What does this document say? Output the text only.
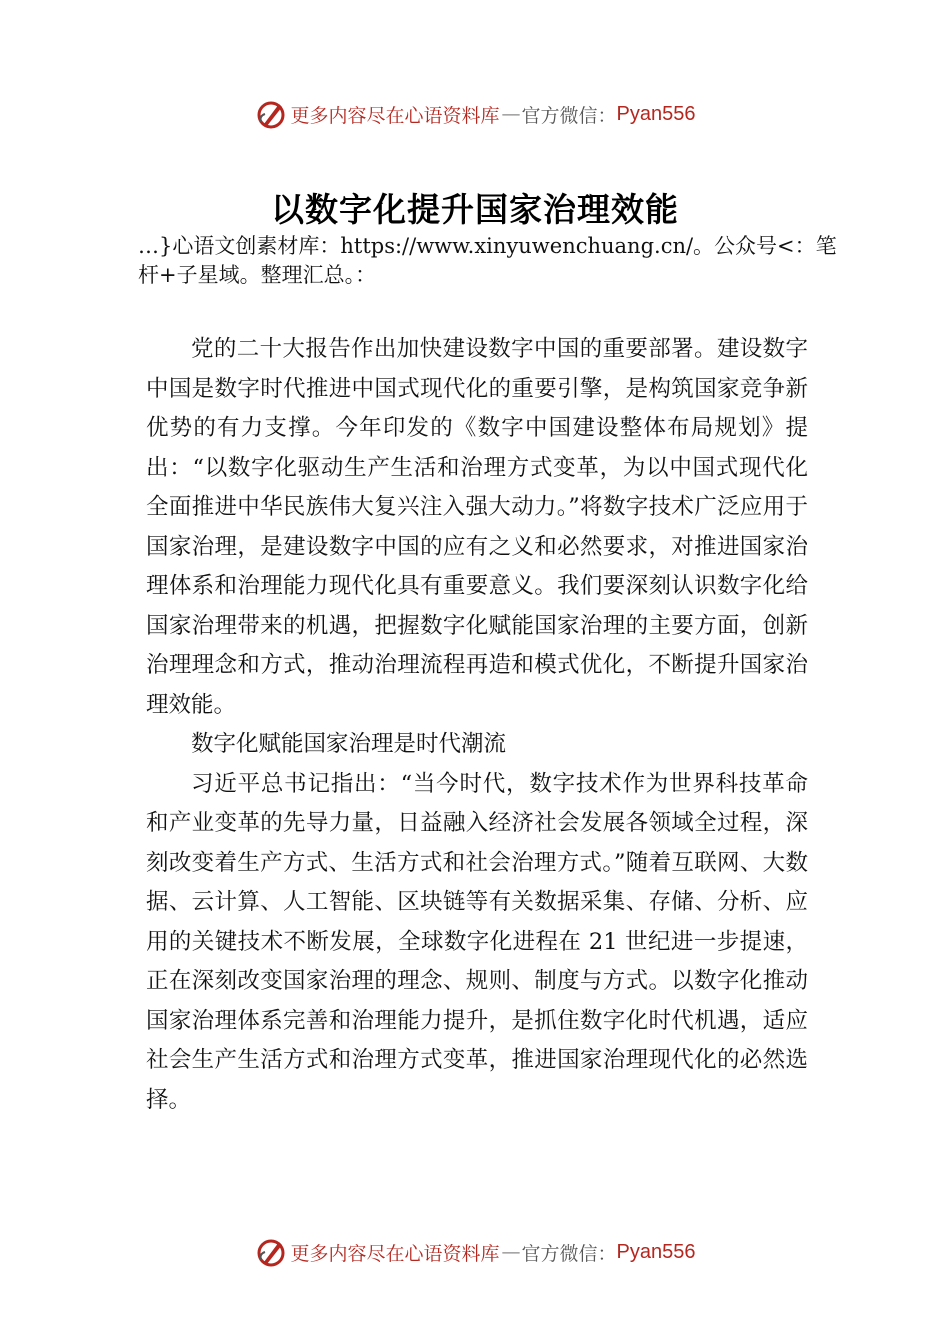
更多内容尽在心语资料库 — 官方微信： Pyan556
以数字化提升国家治理效能

…}心语文创素材库：https://www.xinyuwenchuang.cn/。公众号<：笔杆+子星域。整理汇总。：

党的二十大报告作出加快建设数字中国的重要部署。建设数字中国是数字时代推进中国式现代化的重要引擎，是构筑国家竞争新优势的有力支撑。今年印发的《数字中国建设整体布局规划》提出：“以数字化驱动生产生活和治理方式变革，为以中国式现代化全面推进中华民族伟大复兴注入强大动力。”将数字技术广泛应用于国家治理，是建设数字中国的应有之义和必然要求，对推进国家治理体系和治理能力现代化具有重要意义。我们要深刻认识数字化给国家治理带来的机遇，把握数字化赋能国家治理的主要方面，创新治理理念和方式，推动治理流程再造和模式优化，不断提升国家治理效能。

数字化赋能国家治理是时代潮流

习近平总书记指出：“当今时代，数字技术作为世界科技革命和产业变革的先导力量，日益融入经济社会发展各领域全过程，深刻改变着生产方式、生活方式和社会治理方式。”随着互联网、大数据、云计算、人工智能、区块链等有关数据采集、存储、分析、应用的关键技术不断发展，全球数字化进程在 21 世纪进一步提速，正在深刻改变国家治理的理念、规则、制度与方式。以数字化推动国家治理体系完善和治理能力提升，是抓住数字化时代机遇，适应社会生产生活方式和治理方式变革，推进国家治理现代化的必然选择。

更多内容尽在心语资料库 — 官方微信： Pyan556
